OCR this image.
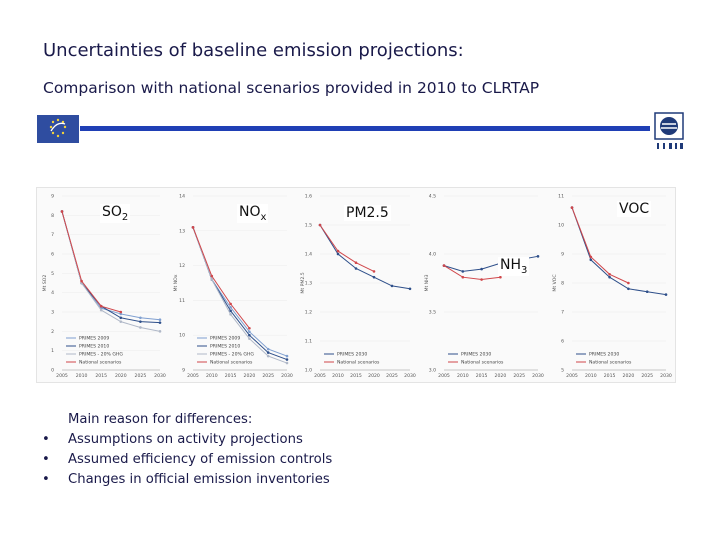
Uncertainties of baseline emission projections:
Comparison with national scenarios provided in 2010 to CLRTAP
0
1
2
3
4
5
6
7
8
9
Mt SO2
2005 2010 2015 2020 2025 2030
PRIMES 2009
PRIMES 2010
PRIMES - 20% GHG
National scenarios
9
10
11
12
13
14
Mt NOx
2005 2010 2015 2020 2025 2030
PRIMES 2009
PRIMES 2010
PRIMES - 20% GHG
National scenarios
1.0
1.1
1.2
1.3
1.4
1.5
1.6
Mt PM2.5
2005 2010 2015 2020 2025 2030
PRIMES 2030
National scenarios
3.0
3.5
4.0
4.5
Mt NH3
2005 2010 2015 2020 2025 2030
PRIMES 2030
National scenarios
5
6
7
8
9
10
11
Mt VOC
2005 2010 2015 2020 2025 2030
PRIMES 2030
National scenarios
$SO_2$	$NO_x$	PM2.5
$NH_3$
VOC
Main reason for differences:
• Assumptions on activity projections
• Assumed efficiency of emission controls
• Changes in official emission inventories
